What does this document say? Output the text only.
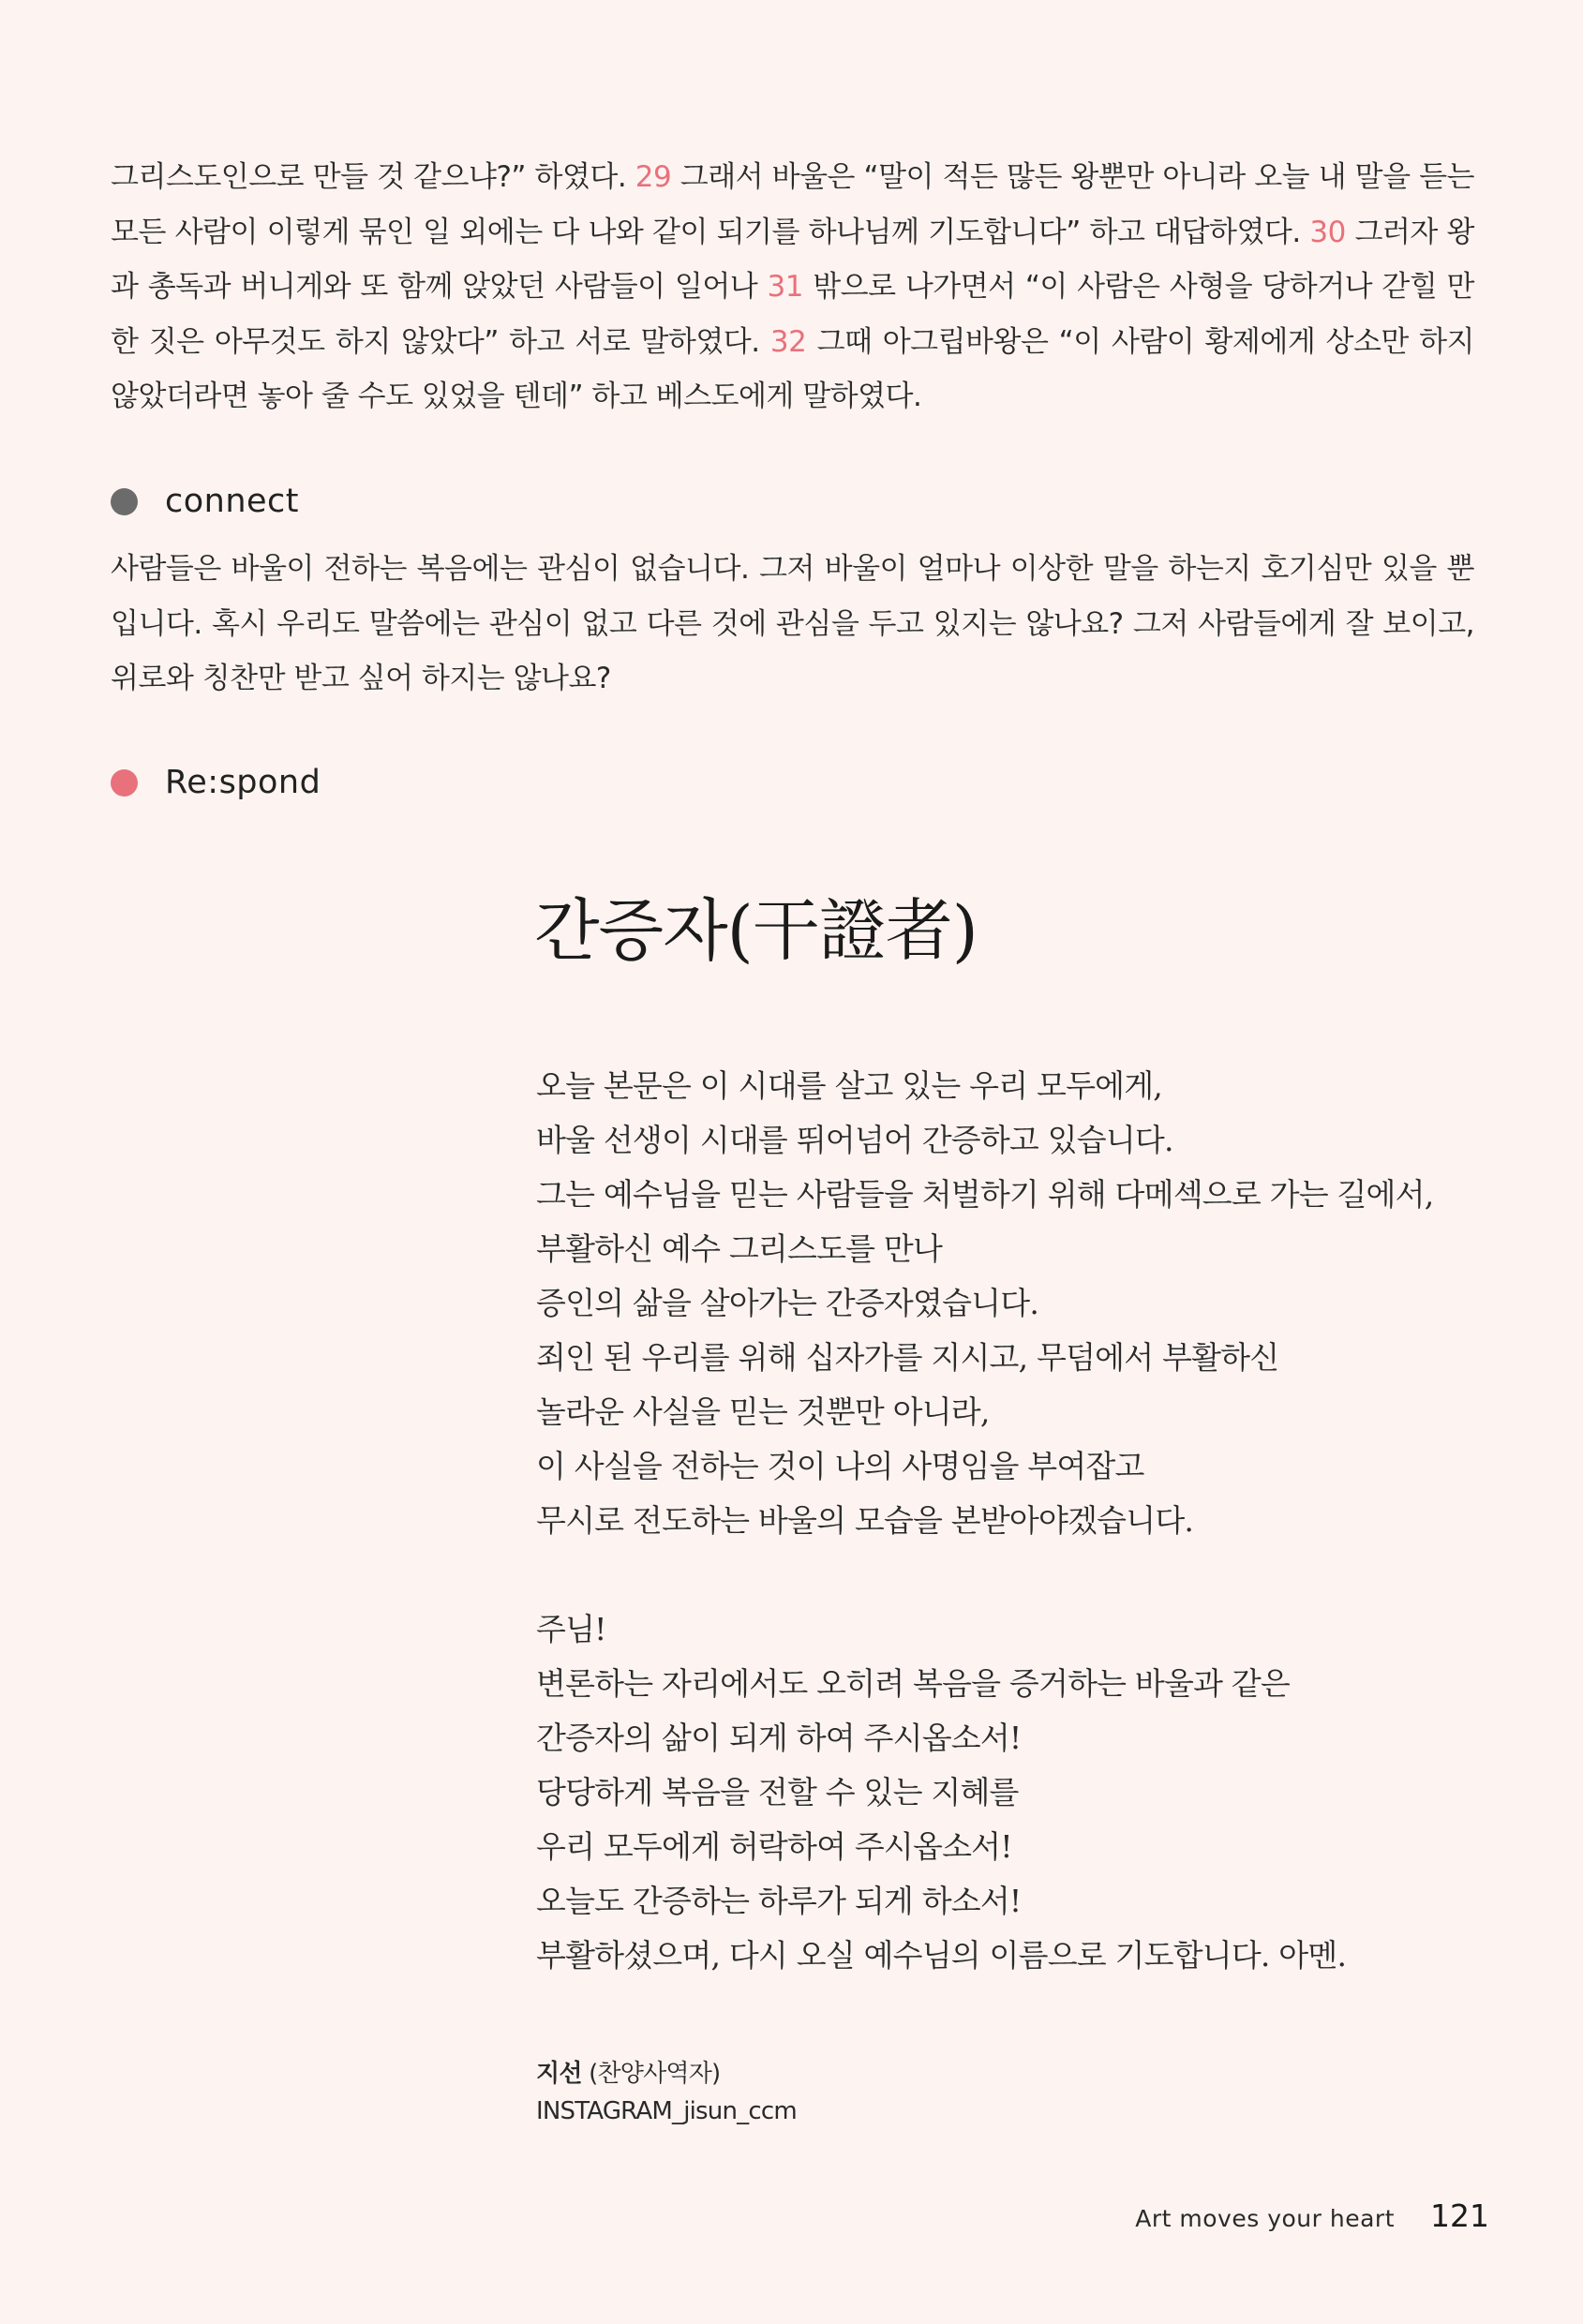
그리스도인으로 만들 것 같으냐?” 하였다. 29 그래서 바울은 “말이 적든 많든 왕뿐만 아니라 오늘 내 말을 듣는 모든 사람이 이렇게 묶인 일 외에는 다 나와 같이 되기를 하나님께 기도합니다” 하고 대답하였다. 30 그러자 왕과 총독과 버니게와 또 함께 앉았던 사람들이 일어나 31 밖으로 나가면서 “이 사람은 사형을 당하거나 갇힐 만한 짓은 아무것도 하지 않았다” 하고 서로 말하였다. 32 그때 아그립바왕은 “이 사람이 황제에게 상소만 하지 않았더라면 놓아 줄 수도 있었을 텐데” 하고 베스도에게 말하였다.
connect
사람들은 바울이 전하는 복음에는 관심이 없습니다. 그저 바울이 얼마나 이상한 말을 하는지 호기심만 있을 뿐입니다. 혹시 우리도 말씀에는 관심이 없고 다른 것에 관심을 두고 있지는 않나요? 그저 사람들에게 잘 보이고, 위로와 칭찬만 받고 싶어 하지는 않나요?
Re:spond
간증자(干證者)
오늘 본문은 이 시대를 살고 있는 우리 모두에게,
바울 선생이 시대를 뛰어넘어 간증하고 있습니다.
그는 예수님을 믿는 사람들을 처벌하기 위해 다메섹으로 가는 길에서,
부활하신 예수 그리스도를 만나
증인의 삶을 살아가는 간증자였습니다.
죄인 된 우리를 위해 십자가를 지시고, 무덤에서 부활하신
놀라운 사실을 믿는 것뿐만 아니라,
이 사실을 전하는 것이 나의 사명임을 부여잡고
무시로 전도하는 바울의 모습을 본받아야겠습니다.
주님!
변론하는 자리에서도 오히려 복음을 증거하는 바울과 같은
간증자의 삶이 되게 하여 주시옵소서!
당당하게 복음을 전할 수 있는 지혜를
우리 모두에게 허락하여 주시옵소서!
오늘도 간증하는 하루가 되게 하소서!
부활하셨으며, 다시 오실 예수님의 이름으로 기도합니다. 아멘.
지선 (찬양사역자)
INSTAGRAM_jisun_ccm
Art moves your heart 121
